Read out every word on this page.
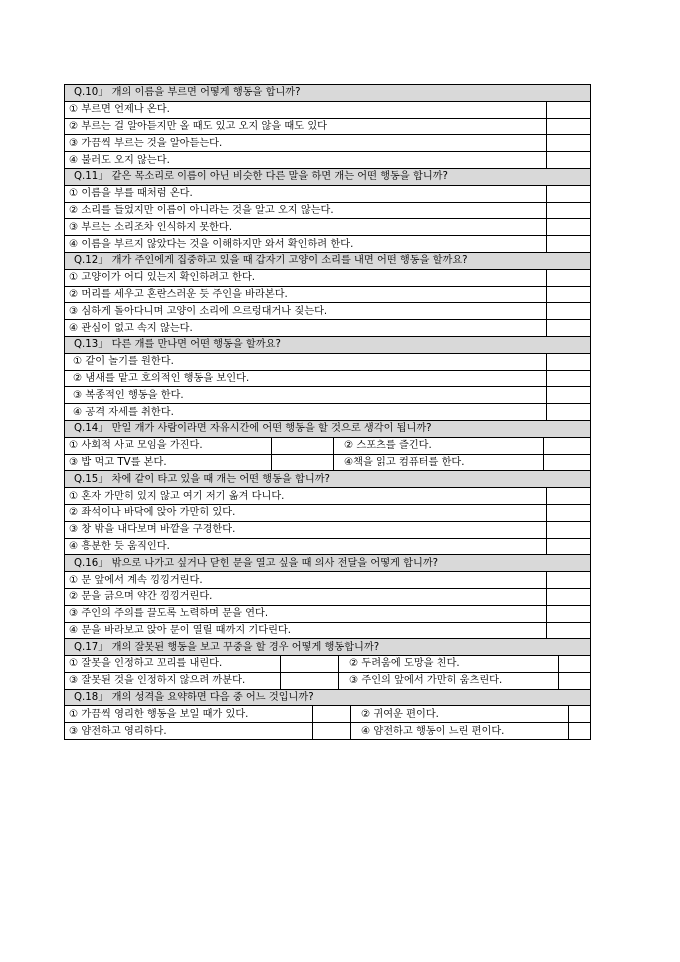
Q.10」 개의 이름을 부르면 어떻게 행동을 합니까?	
① 부르면 언제나 온다.	
② 부르는 걸 알아듣지만 올 때도 있고 오지 않을 때도 있다	
③ 가끔씩 부르는 것을 알아듣는다.	
④ 불러도 오지 않는다.	
Q.11」 같은 목소리로 이름이 아닌 비슷한 다른 말을 하면 개는 어떤 행동을 합니까?	
① 이름을 부를 때처럼 온다.	
② 소리를 들었지만 이름이 아니라는 것을 알고 오지 않는다.	
③ 부르는 소리조차 인식하지 못한다.	
④ 이름을 부르지 않았다는 것을 이해하지만 와서 확인하려 한다.	
Q.12」 개가 주인에게 집중하고 있을 때 갑자기 고양이 소리를 내면 어떤 행동을 할까요?	
① 고양이가 어디 있는지 확인하려고 한다.	
② 머리를 세우고 혼란스러운 듯 주인을 바라본다.	
③ 심하게 돌아다니며 고양이 소리에 으르렁대거나 짖는다.	
④ 관심이 없고 속지 않는다.	
Q.13」 다른 개를 만나면 어떤 행동을 할까요?	
① 같이 놀기를 원한다.	
② 냄새를 맡고 호의적인 행동을 보인다.	
③ 복종적인 행동을 한다.	
④ 공격 자세를 취한다.	
Q.14」 만일 개가 사람이라면 자유시간에 어떤 행동을 할 것으로 생각이 됩니까?			
① 사회적 사교 모임을 가진다.		② 스포츠를 즐긴다.	
③ 밥 먹고 TV를 본다.		④책을 읽고 컴퓨터를 한다.	
Q.15」 차에 같이 타고 있을 때 개는 어떤 행동을 합니까?	
① 혼자 가만히 있지 않고 여기 저기 옮겨 다니다.	
② 좌석이나 바닥에 앉아 가만히 있다.	
③ 창 밖을 내다보며 바깥을 구경한다.	
④ 흥분한 듯 움직인다.	
Q.16」 밖으로 나가고 싶거나 닫힌 문을 열고 싶을 때 의사 전달을 어떻게 합니까?	
① 문 앞에서 계속 낑낑거린다.	
② 문을 긁으며 약간 낑낑거린다.	
③ 주인의 주의를 끌도록 노력하며 문을 연다.	
④ 문을 바라보고 앉아 문이 열릴 때까지 기다린다.	
Q.17」 개의 잘못된 행동을 보고 꾸중을 할 경우 어떻게 행동합니까?			
① 잘못을 인정하고 꼬리를 내린다.		② 두려움에 도망을 친다.	
③ 잘못된 것을 인정하지 않으려 까분다.		③ 주인의 앞에서 가만히 움츠린다.	
Q.18」 개의 성격을 요약하면 다음 중 어느 것입니까?			
① 가끔씩 영리한 행동을 보일 때가 있다.		② 귀여운 편이다.	
③ 얌전하고 영리하다.		④ 얌전하고 행동이 느린 편이다.	
